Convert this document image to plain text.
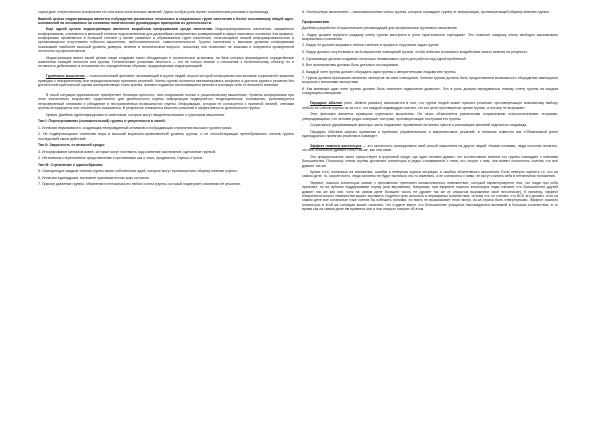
«культура» стереотипного восприятия тех или иных политических явлений. Здесь особую роль играет политическая реклама и пропаганда.

Важной целью индоктринации является побуждение различных этнических и социальных групп населения к более осознанному общей идее, основанной на основанных на сознании политических руководящих принципов их деятельности.

Ещё одной целью индоктринации является выработка конформизма среди населения. Индоктринированное населения, заражённое конформизмом, становится в меньшей степени подготовленным для дальнейших конфликтных коммуникаций в сфере массового сознания. Как правило, конформизм проявляется в большей степени у менее развитых и образованных групп населения, отличающихся низкой информированностью и проявляющихся отсутствием гибкости мышления, любознательности, самостоятельности. Группы населения с высоким уровнем конформизма показывают наиболее высокий уровень доверия, мнение в политическом вопросе, поскольку они позволяют не знакомы и опираются проверенной личностно-профессионалом.

Индоктринация имеет своей целью также создание таких обладающих и политических установок, на базе которых формируются определённые изменения позиций личности или группы. Политические установки личности — это не только знание о отношение к политическому объекту, но и готовность действовать в отношении его определённым образом, предсказуемым индоктринацией.

Групповое мышление — психологический феномен, возникающий в группе людей, внутри которой конформизм или желание социальной гармонии приводят к некорректному или нерациональному принятию решений. Члены группы пытаются минимизировать конфликт и достичь единого решения без достаточной критической оценки альтернативных точек зрения, активно подавляя отклоняющиеся мнения и изолируя себя от внешнего влияния.

В такой ситуации единомыслие приобретает большую ценность, чем следование логике и рациональному мышлению. Уровень конформизма при этом значительно возрастает, существенно для деятельности группы информации подвергается тенденциозному толкованию, культивируется непроверенный оптимизм и убеждение в неограниченных возможностях группы. Информация, которая не согласуется с принятой линией, членами группы игнорируется или значительно искажается. В результате снижаются качество решений и эффективность деятельности группы.

Ирвинг Джейнис идентифицировал 8 симптомов, которые могут свидетельствовать о групповом мышлении:

Тип I: Переоценивание (положительной) группы и уверенности в своей:

1. Иллюзия неуязвимости, создающая неоправданный оптимизм и побуждающая к принятию высокого уровня риска.

2. Не подвергающаяся сомнению вера в высокий морально-нравственный уровень группы, и не способствующая пренебрежению членов группы последствий своих действий.

Тип II: Закрытость от внешней среды:

3. Игнорирование сигналов извне, которые могут поставить под сомнение заключение, сделанные группой.

4. Негативные стереотипные представления о противниках как о злых, предвзятых, глупых и тупых.

Тип III: Стремление к единообразию:

5. Самоцензура каждым членом группы своих собственных идей, которые могут противоречить общему мнению группы.

6. Иллюзия единодушия, молчание принимается как знак согласия.

7. Прямое давление группы, обвинение в нелояльности любого члена группы, который подвергает сомнению её решения.

8. «Контролеры мышления» – самоназначенные члены группы, которые ограждают группу от информации, противоречащей общему мнению группы.

Профилактика

Джейнис разработал 8 практических рекомендаций для профилактики группового мышления:

1. Лидер должен поручить каждому члену группы выступать в роли «критического оценщика». Это позволит каждому члену свободно высказывать возражения и сомнения.

2. Лидер не должен выражать личного мнения в процессе поручения задач группе.

3. Лидер должен отсутствовать на большинстве совещаний группы, чтобы избегать излишнего воздействия своего мнения на результат.

4. Организация должна создавать несколько независимых групп для работы над одной проблемой.

5. Все альтернативы должны быть детально исследованы.

6. Каждый член группы должен обсуждать идеи группы с авторитетными людьми вне группы.

7. Группа должна приглашать внешних экспертов на свои совещания. Членам группы должна быть предоставлена возможность обсуждения имеющихся вопросов с внешними экспертами.

8. Как минимум один член группы должен быть назначен «адвокатом дьявола». Это в роль должна передаваться новому члену группы на каждом следующем совещании.

Парадокс Абилин (англ. Abilene paradox) заключается в том, что группа людей может принять решение, противоречащее возможному выбору любого из членов группы из-за того, что каждый индивидуум считает, что его цели противоречат целям группы, и потому не возражает.

Этот феномен является примером группового мышления. Он легко объясняется различными социальными психологическими теориями, утверждающими, что человек редко совершит поступки, противоречащие поступкам его группы.

Социальные удерживающие факторы часто подавляют проявление истинных чувств и реализацию желаний отдельного индивида.

Парадокс Абилина широко применим к принятию управленческих и маркетинговых решений, в тематике известен как «Обманчивый успех единодушного принятия решения в команде».

Эффект ложного консенсуса — это склонность проецировать свой способ мышления на других людей. Иными словами, люди склонны полагать, что все остальные думают точно так же, как они сами.

Это предположение часто присутствует в групповой среде, где один человек думает, что коллективное мнение его группы совпадает с мнением большинства. Поскольку члены группы достигают консенсуса и редко сталкиваются с теми, кто спорит с ним, они имеют склонность считать что все думают так же.

Кроме того, полагаясь на искажения, ошибки и неверная оценка ситуации, и ошибки объективного мышления. Если неверно оценить то, что на самом деле, то, скорее всего, люди склонны не будут пытаться что-то изменить, а не согласятся с ними, не могут считать себя в нетипичном положении.

Эффект ложного консенсуса связан с феноменом «феномен множественного невежества», который характеризуется тем, что люди про себя признают, но на публике поддерживают норму (или верование). Например, при эффекте ложного консенсуса люди считают, что большинство друзей думает так же как они, хотя на самом деле большее число не думает так же (в открытом выражении своё несогласие). К примеру, эффект плюралистического невежества может заставить студента пить алкоголь в неразумных количествах, потому что он считает, что ВСЕ это делают, хотя на самом деле все остальные тоже хотели бы избежать попойки, но никто не высказывает этого вслух, из-за страха быть отвергнутыми. Эффект ложного консенсуса в этой же ситуации может означать, что студент верит, что большинство учащихся наслаждаются выпивкой в больших количествах, в то время как на самом деле им нравятся они и они открыто говорят об этом.
